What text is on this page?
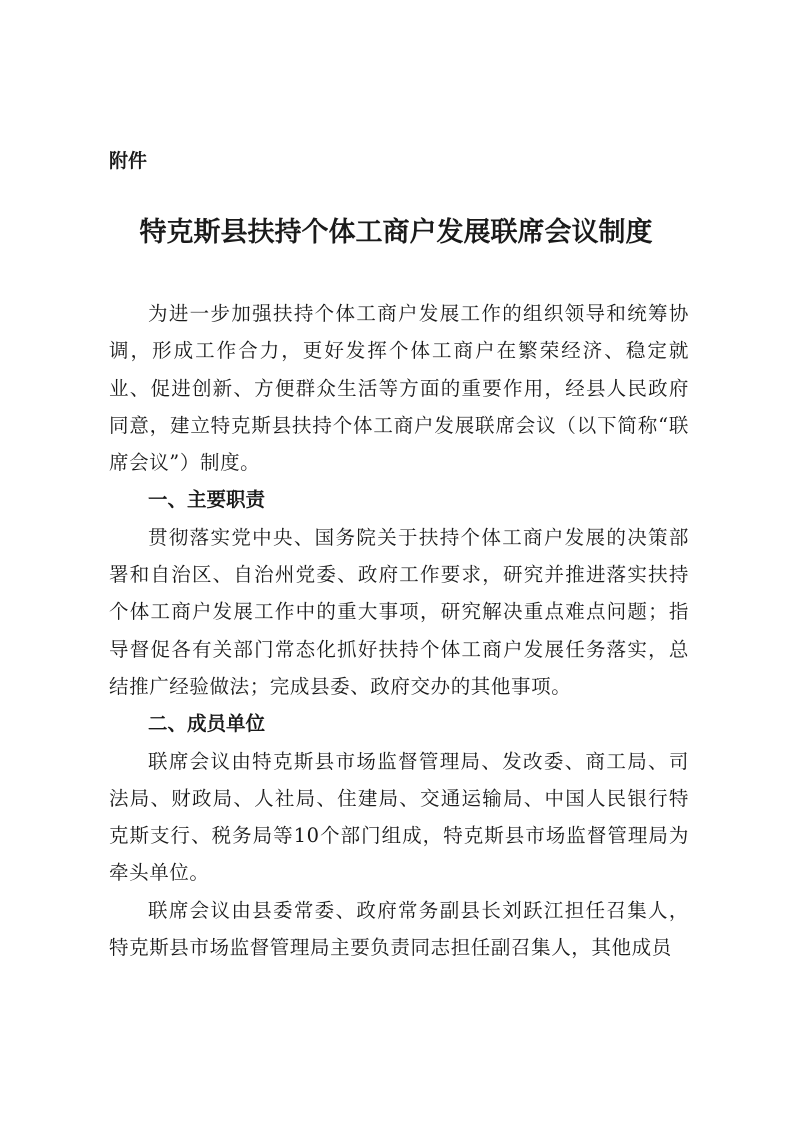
附件

特克斯县扶持个体工商户发展联席会议制度

为进一步加强扶持个体工商户发展工作的组织领导和统筹协调，形成工作合力，更好发挥个体工商户在繁荣经济、稳定就业、促进创新、方便群众生活等方面的重要作用，经县人民政府同意，建立特克斯县扶持个体工商户发展联席会议（以下简称“联席会议”）制度。

一、主要职责

贯彻落实党中央、国务院关于扶持个体工商户发展的决策部署和自治区、自治州党委、政府工作要求，研究并推进落实扶持个体工商户发展工作中的重大事项，研究解决重点难点问题；指导督促各有关部门常态化抓好扶持个体工商户发展任务落实，总结推广经验做法；完成县委、政府交办的其他事项。

二、成员单位

联席会议由特克斯县市场监督管理局、发改委、商工局、司法局、财政局、人社局、住建局、交通运输局、中国人民银行特克斯支行、税务局等10个部门组成，特克斯县市场监督管理局为牵头单位。

联席会议由县委常委、政府常务副县长刘跃江担任召集人，特克斯县市场监督管理局主要负责同志担任副召集人，其他成员
